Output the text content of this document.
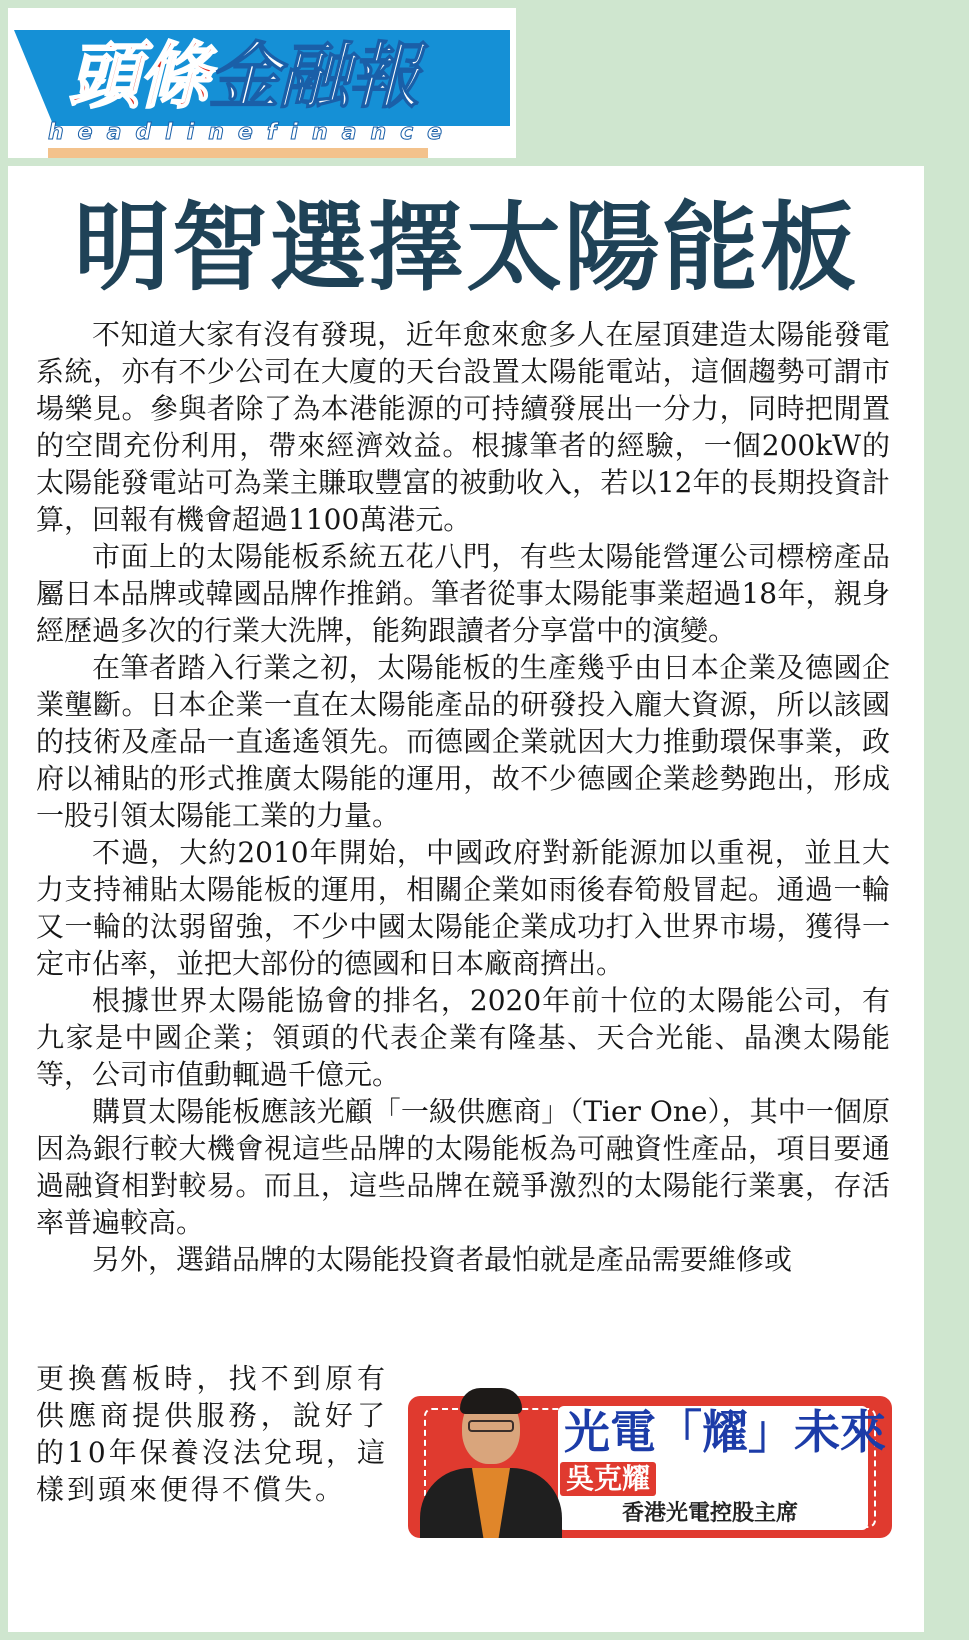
頭條金融報
headlinefinance
明智選擇太陽能板

不知道大家有沒有發現，近年愈來愈多人在屋頂建造太陽能發電系統，亦有不少公司在大廈的天台設置太陽能電站，這個趨勢可謂市場樂見。參與者除了為本港能源的可持續發展出一分力，同時把閒置的空間充份利用，帶來經濟效益。根據筆者的經驗，一個200kW的太陽能發電站可為業主賺取豐富的被動收入，若以12年的長期投資計算，回報有機會超過1100萬港元。

市面上的太陽能板系統五花八門，有些太陽能營運公司標榜產品屬日本品牌或韓國品牌作推銷。筆者從事太陽能事業超過18年，親身經歷過多次的行業大洗牌，能夠跟讀者分享當中的演變。

在筆者踏入行業之初，太陽能板的生產幾乎由日本企業及德國企業壟斷。日本企業一直在太陽能產品的研發投入龐大資源，所以該國的技術及產品一直遙遙領先。而德國企業就因大力推動環保事業，政府以補貼的形式推廣太陽能的運用，故不少德國企業趁勢跑出，形成一股引領太陽能工業的力量。

不過，大約2010年開始，中國政府對新能源加以重視，並且大力支持補貼太陽能板的運用，相關企業如雨後春筍般冒起。通過一輪又一輪的汰弱留強，不少中國太陽能企業成功打入世界市場，獲得一定市佔率，並把大部份的德國和日本廠商擠出。

根據世界太陽能協會的排名，2020年前十位的太陽能公司，有九家是中國企業；領頭的代表企業有隆基、天合光能、晶澳太陽能等，公司市值動輒過千億元。

購買太陽能板應該光顧「一級供應商」（Tier One），其中一個原因為銀行較大機會視這些品牌的太陽能板為可融資性產品，項目要通過融資相對較易。而且，這些品牌在競爭激烈的太陽能行業裏，存活率普遍較高。

另外，選錯品牌的太陽能投資者最怕就是產品需要維修或

更換舊板時，找不到原有供應商提供服務，說好了的10年保養沒法兌現，這樣到頭來便得不償失。
光電「耀」未來
吳克耀
香港光電控股主席
